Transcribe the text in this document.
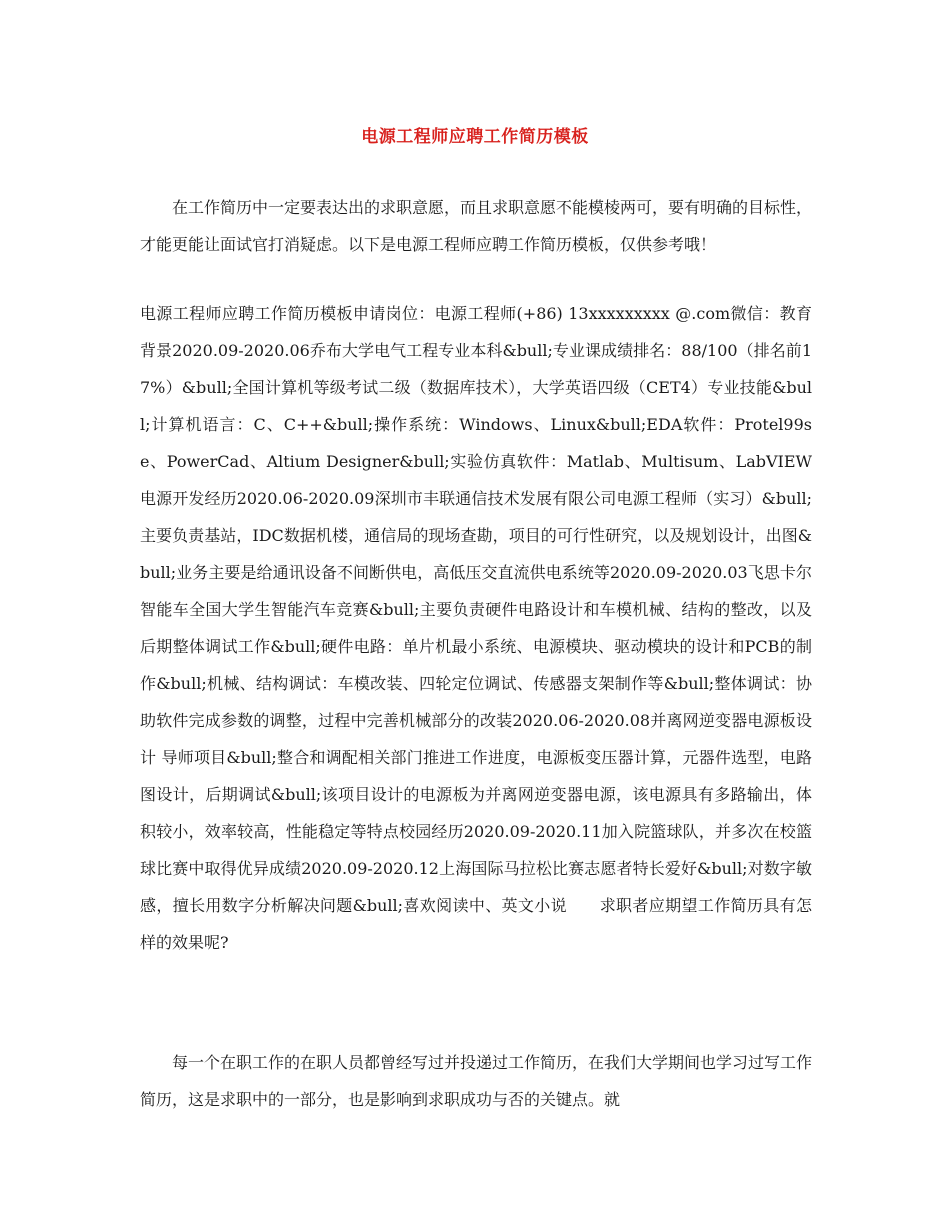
电源工程师应聘工作简历模板

在工作简历中一定要表达出的求职意愿，而且求职意愿不能模棱两可，要有明确的目标性，才能更能让面试官打消疑虑。以下是电源工程师应聘工作简历模板，仅供参考哦！

电源工程师应聘工作简历模板申请岗位：电源工程师(+86) 13xxxxxxxxx @.com微信：教育背景2020.09-2020.06乔布大学电气工程专业本科&bull;专业课成绩排名：88/100（排名前17%）&bull;全国计算机等级考试二级（数据库技术），大学英语四级（CET4）专业技能&bull;计算机语言：C、C++&bull;操作系统：Windows、Linux&bull;EDA软件：Protel99se、PowerCad、Altium Designer&bull;实验仿真软件：Matlab、Multisum、LabVIEW电源开发经历2020.06-2020.09深圳市丰联通信技术发展有限公司电源工程师（实习）&bull;主要负责基站，IDC数据机楼，通信局的现场查勘，项目的可行性研究，以及规划设计，出图&bull;业务主要是给通讯设备不间断供电，高低压交直流供电系统等2020.09-2020.03飞思卡尔智能车全国大学生智能汽车竞赛&bull;主要负责硬件电路设计和车模机械、结构的整改，以及后期整体调试工作&bull;硬件电路：单片机最小系统、电源模块、驱动模块的设计和PCB的制作&bull;机械、结构调试：车模改装、四轮定位调试、传感器支架制作等&bull;整体调试：协助软件完成参数的调整，过程中完善机械部分的改装2020.06-2020.08并离网逆变器电源板设计 导师项目&bull;整合和调配相关部门推进工作进度，电源板变压器计算，元器件选型，电路图设计，后期调试&bull;该项目设计的电源板为并离网逆变器电源，该电源具有多路输出，体积较小，效率较高，性能稳定等特点校园经历2020.09-2020.11加入院篮球队，并多次在校篮球比赛中取得优异成绩2020.09-2020.12上海国际马拉松比赛志愿者特长爱好&bull;对数字敏感，擅长用数字分析解决问题&bull;喜欢阅读中、英文小说　　求职者应期望工作简历具有怎样的效果呢?

每一个在职工作的在职人员都曾经写过并投递过工作简历，在我们大学期间也学习过写工作简历，这是求职中的一部分，也是影响到求职成功与否的关键点。就
